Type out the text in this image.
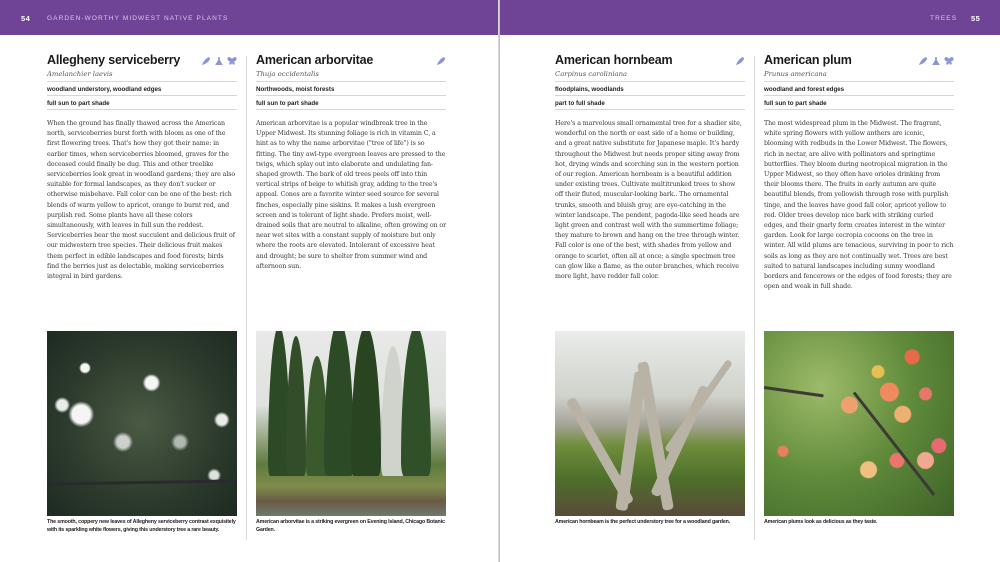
54	GARDEN-WORTHY MIDWEST NATIVE PLANTS
Allegheny serviceberry
Amelanchier laevis
woodland understory, woodland edges
full sun to part shade
When the ground has finally thawed across the American north, serviceberries burst forth with bloom as one of the first flowering trees. That's how they got their name: in earlier times, when serviceberries bloomed, graves for the deceased could finally be dug. This and other treelike serviceberries look great in woodland gardens; they are also suitable for formal landscapes, as they don't sucker or otherwise misbehave. Fall color can be one of the best: rich blends of warm yellow to apricot, orange to burnt red, and purplish red. Some plants have all these colors simultaneously, with leaves in full sun the reddest. Serviceberries bear the most succulent and delicious fruit of our midwestern tree species. Their delicious fruit makes them perfect in edible landscapes and food forests; birds find the berries just as delectable, making serviceberries integral in bird gardens.
American arborvitae
Thuja occidentalis
Northwoods, moist forests
full sun to part shade
American arborvitae is a popular windbreak tree in the Upper Midwest. Its stunning foliage is rich in vitamin C, a hint as to why the name arborvitae ("tree of life") is so fitting. The tiny awl-type evergreen leaves are pressed to the twigs, which splay out into elaborate and undulating fan-shaped growth. The bark of old trees peels off into thin vertical strips of beige to whitish gray, adding to the tree's appeal. Cones are a favorite winter seed source for several finches, especially pine siskins. It makes a lush evergreen screen and is tolerant of light shade. Prefers moist, well-drained soils that are neutral to alkaline, often growing on or near wet sites with a constant supply of moisture but only where the roots are elevated. Intolerant of excessive heat and drought; be sure to shelter from summer wind and afternoon sun.
The smooth, coppery new leaves of Allegheny serviceberry contrast exquisitely with its sparkling white flowers, giving this understory tree a rare beauty.
American arborvitae is a striking evergreen on Evening Island, Chicago Botanic Garden.
TREES 55
American hornbeam
Carpinus caroliniana
floodplains, woodlands
part to full shade
Here's a marvelous small ornamental tree for a shadier site, wonderful on the north or east side of a home or building, and a great native substitute for Japanese maple. It's hardy throughout the Midwest but needs proper siting away from hot, drying winds and scorching sun in the western portion of our region. American hornbeam is a beautiful addition under existing trees. Cultivate multitrunked trees to show off their fluted, muscular-looking bark.. The ornamental trunks, smooth and bluish gray, are eye-catching in the winter landscape. The pendent, pagoda-like seed heads are light green and contrast well with the summertime foliage; they mature to brown and hang on the tree through winter. Fall color is one of the best, with shades from yellow and orange to scarlet, often all at once; a single specimen tree can glow like a flame, as the outer branches, which receive more light, have redder fall color.
American plum
Prunus americana
woodland and forest edges
full sun to part shade
The most widespread plum in the Midwest. The fragrant, white spring flowers with yellow anthers are iconic, blooming with redbuds in the Lower Midwest. The flowers, rich in nectar, are alive with pollinators and springtime butterflies. They bloom during neotropical migration in the Upper Midwest, so they often have orioles drinking from their blooms there. The fruits in early autumn are quite beautiful blends, from yellowish through rose with purplish tinge, and the leaves have good fall color, apricot yellow to red. Older trees develop nice bark with striking curled edges, and their gnarly form creates interest in the winter garden. Look for large cecropia cocoons on the tree in winter. All wild plums are tenacious, surviving in poor to rich soils as long as they are not continually wet. Trees are best suited to natural landscapes including sunny woodland borders and fencerows or the edges of food forests; they are open and weak in full shade.
American hornbeam is the perfect understory tree for a woodland garden.	American plums look as delicious as they taste.
